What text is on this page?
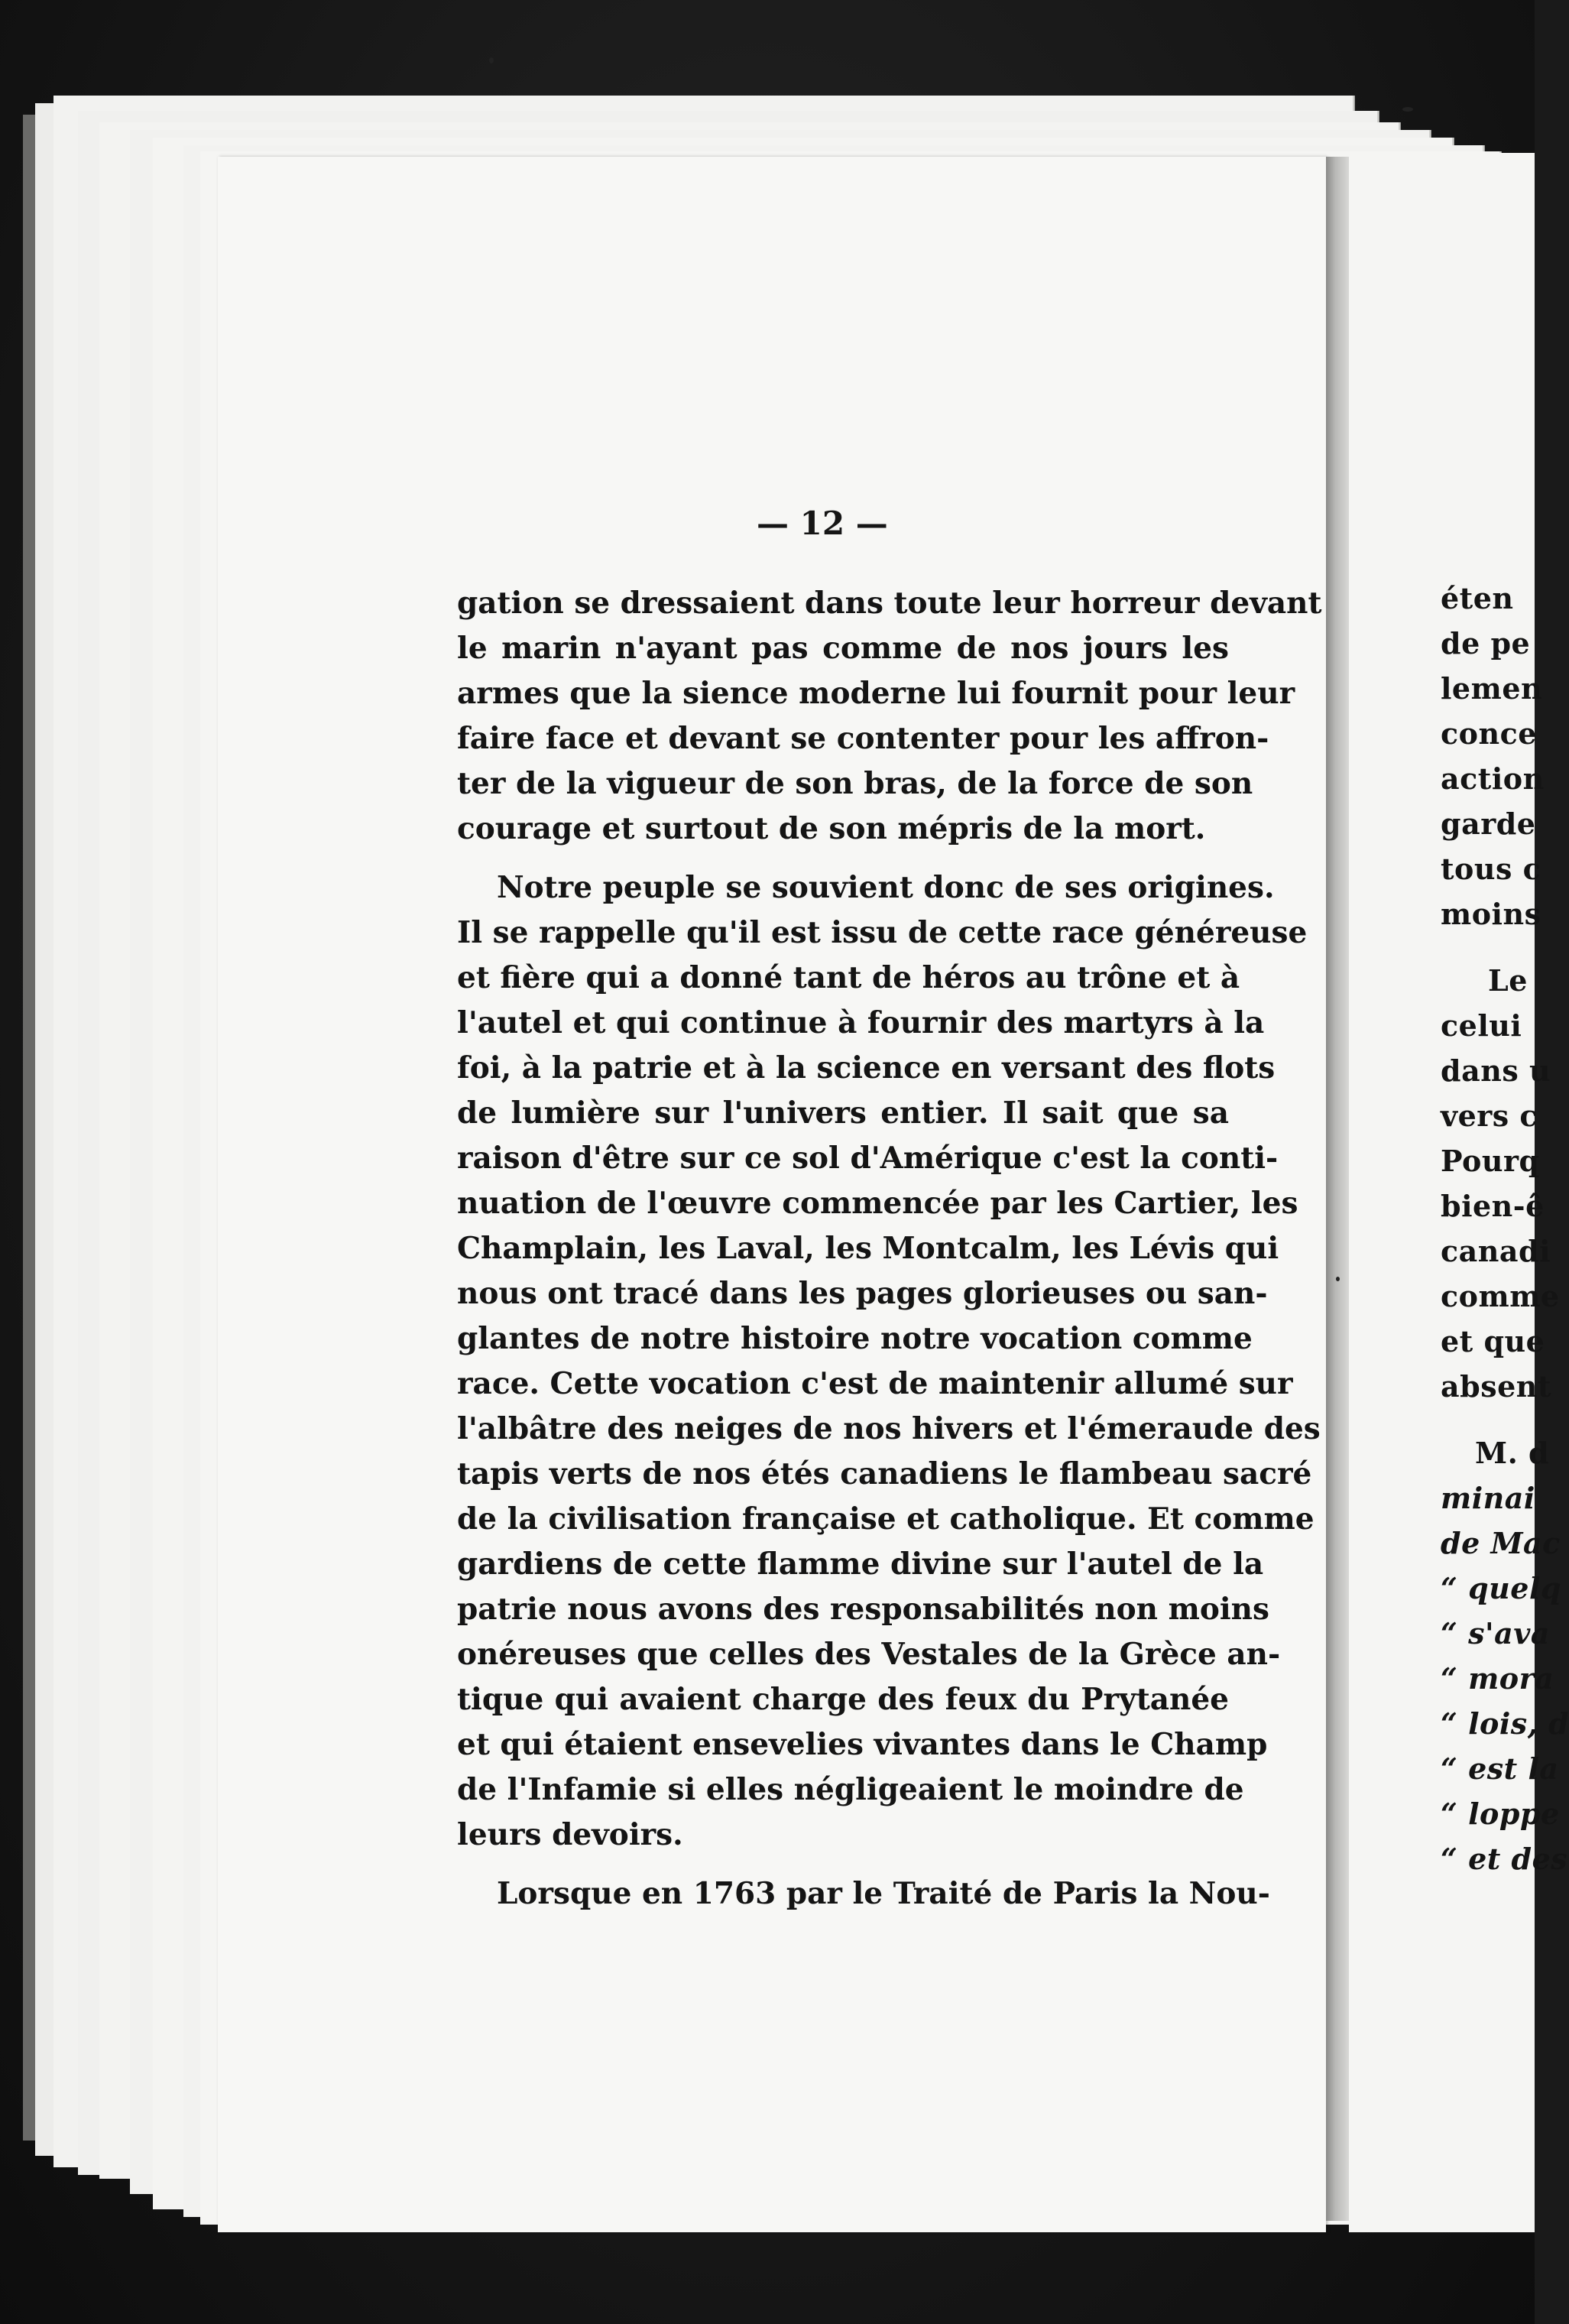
éten
de pe
lemen
conce
action
garde
tous c
moins
Le
celui
dans u
vers c
Pourq
bien-ê
canadi
comme
et que
absent
M. d
minai
de Mac
“ quelq
“ s'ava
“ mora
“ lois, d
“ est la
“ loppe
“ et des
— 12 —

gation se dressaient dans toute leur horreur devant
le marin n'ayant pas comme de nos jours les
armes que la sience moderne lui fournit pour leur
faire face et devant se contenter pour les affron-
ter de la vigueur de son bras, de la force de son
courage et surtout de son mépris de la mort.

Notre peuple se souvient donc de ses origines.
Il se rappelle qu'il est issu de cette race généreuse
et fière qui a donné tant de héros au trône et à
l'autel et qui continue à fournir des martyrs à la
foi, à la patrie et à la science en versant des flots
de lumière sur l'univers entier. Il sait que sa
raison d'être sur ce sol d'Amérique c'est la conti-
nuation de l'œuvre commencée par les Cartier, les
Champlain, les Laval, les Montcalm, les Lévis qui
nous ont tracé dans les pages glorieuses ou san-
glantes de notre histoire notre vocation comme
race. Cette vocation c'est de maintenir allumé sur
l'albâtre des neiges de nos hivers et l'émeraude des
tapis verts de nos étés canadiens le flambeau sacré
de la civilisation française et catholique. Et comme
gardiens de cette flamme divine sur l'autel de la
patrie nous avons des responsabilités non moins
onéreuses que celles des Vestales de la Grèce an-
tique qui avaient charge des feux du Prytanée
et qui étaient ensevelies vivantes dans le Champ
de l'Infamie si elles négligeaient le moindre de
leurs devoirs.

Lorsque en 1763 par le Traité de Paris la Nou-
